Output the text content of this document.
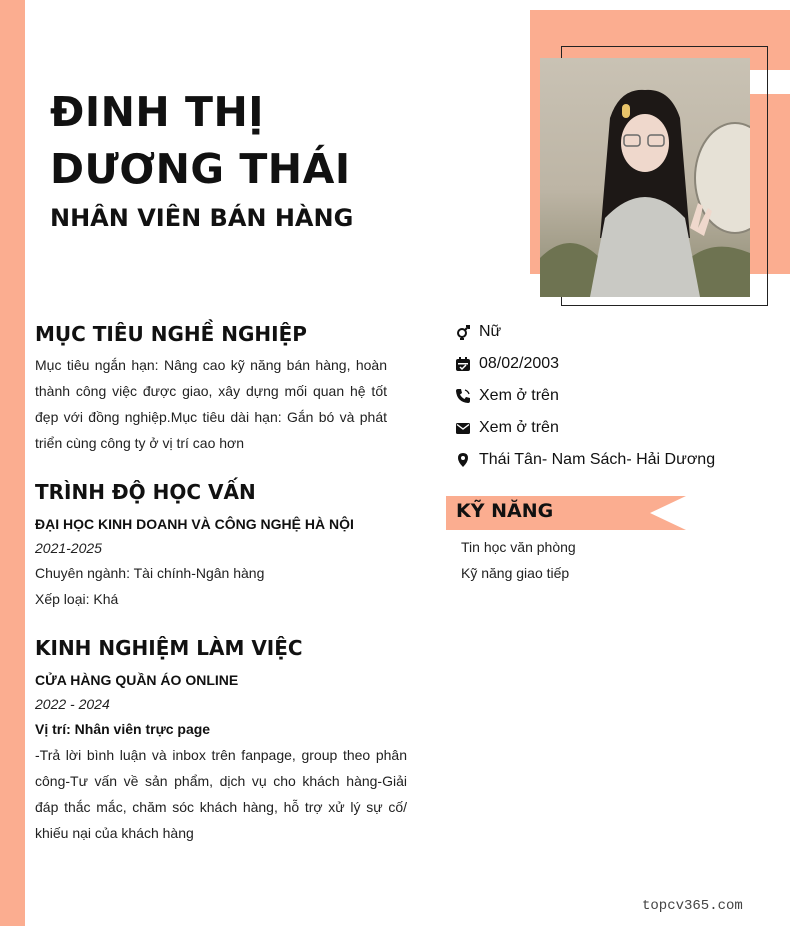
ĐINH THỊ DƯƠNG THÁI
NHÂN VIÊN BÁN HÀNG
MỤC TIÊU NGHỀ NGHIỆP

Mục tiêu ngắn hạn: Nâng cao kỹ năng bán hàng, hoàn thành công việc được giao, xây dựng mối quan hệ tốt đẹp với đồng nghiệp.Mục tiêu dài hạn: Gắn bó và phát triển cùng công ty ở vị trí cao hơn

TRÌNH ĐỘ HỌC VẤN

ĐẠI HỌC KINH DOANH VÀ CÔNG NGHỆ HÀ NỘI

2021-2025

Chuyên ngành: Tài chính-Ngân hàng

Xếp loại: Khá

KINH NGHIỆM LÀM VIỆC

CỬA HÀNG QUẦN ÁO ONLINE

2022 - 2024

Vị trí: Nhân viên trực page

-Trả lời bình luận và inbox trên fanpage, group theo phân công-Tư vấn về sản phẩm, dịch vụ cho khách hàng-Giải đáp thắc mắc, chăm sóc khách hàng, hỗ trợ xử lý sự cố/ khiếu nại của khách hàng

Nữ
08/02/2003
Xem ở trên
Xem ở trên
Thái Tân- Nam Sách- Hải Dương
KỸ NĂNG

Tin học văn phòng

Kỹ năng giao tiếp

topcv365.com
